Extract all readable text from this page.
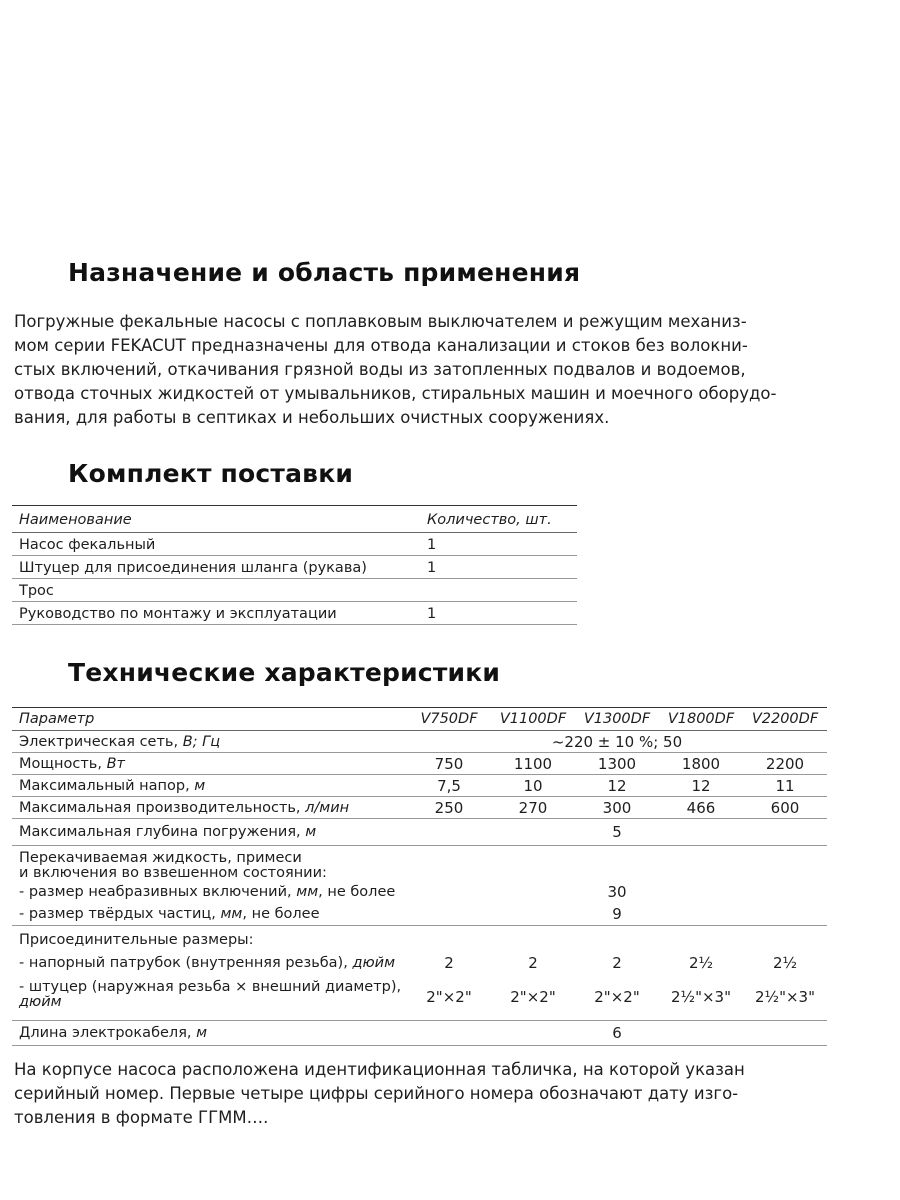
Назначение и область применения

Погружные фекальные насосы с поплавковым выключателем и режущим механиз-
мом серии FEKACUT предназначены для отвода канализации и стоков без волокни-
стых включений, откачивания грязной воды из затопленных подвалов и водоемов,
отвода сточных жидкостей от умывальников, стиральных машин и моечного оборудо-
вания, для работы в септиках и небольших очистных сооружениях.

Комплект поставки
Наименование	Количество, шт.
Насос фекальный	1
Штуцер для присоединения шланга (рукава)	1
Трос	
Руководство по монтажу и эксплуатации	1
Технические характеристики
Параметр	V750DF	V1100DF	V1300DF	V1800DF	V2200DF
Электрическая сеть, В; Гц	~220 ± 10 %; 50				
Мощность, Вт	750	1100	1300	1800	2200
Максимальный напор, м	7,5	10	12	12	11
Максимальная производительность, л/мин	250	270	300	466	600
Максимальная глубина погружения, м	5				
Перекачиваемая жидкость, примеси
и включения во взвешенном состоянии:					
- размер неабразивных включений, мм, не более	30				
- размер твёрдых частиц, мм, не более	9				
Присоединительные размеры:					
- напорный патрубок (внутренняя резьба), дюйм	2	2	2	2½	2½
- штуцер (наружная резьба × внешний диаметр),
дюйм	2"×2"	2"×2"	2"×2"	2½"×3"	2½"×3"
Длина электрокабеля, м	6				

На корпусе насоса расположена идентификационная табличка, на которой указан
серийный номер. Первые четыре цифры серийного номера обозначают дату изго-
товления в формате ГГММ….
